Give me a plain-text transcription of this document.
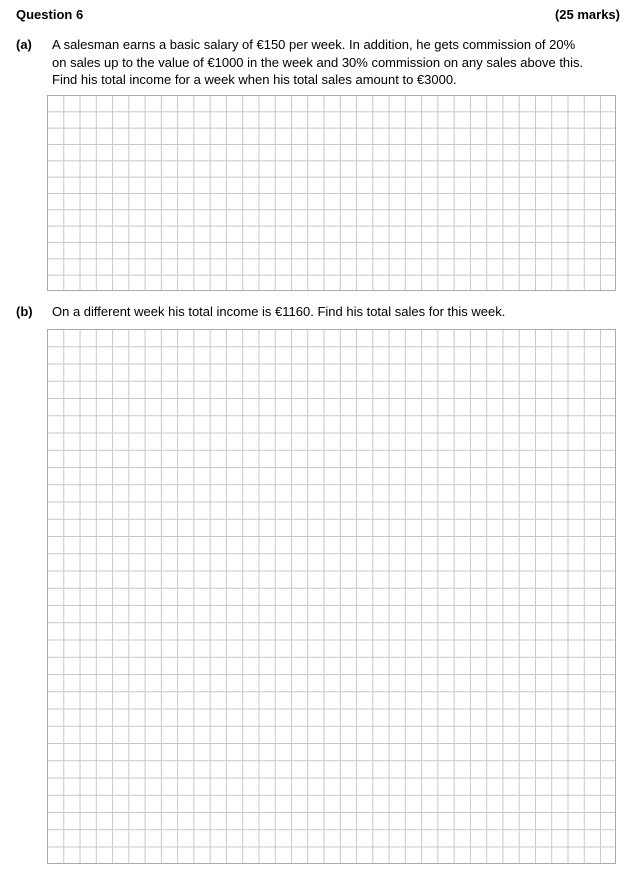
Question 6	(25 marks)
(a) A salesman earns a basic salary of €150 per week. In addition, he gets commission of 20%
on sales up to the value of €1000 in the week and 30% commission on any sales above this.
Find his total income for a week when his total sales amount to €3000.
(b) On a different week his total income is €1160. Find his total sales for this week.
